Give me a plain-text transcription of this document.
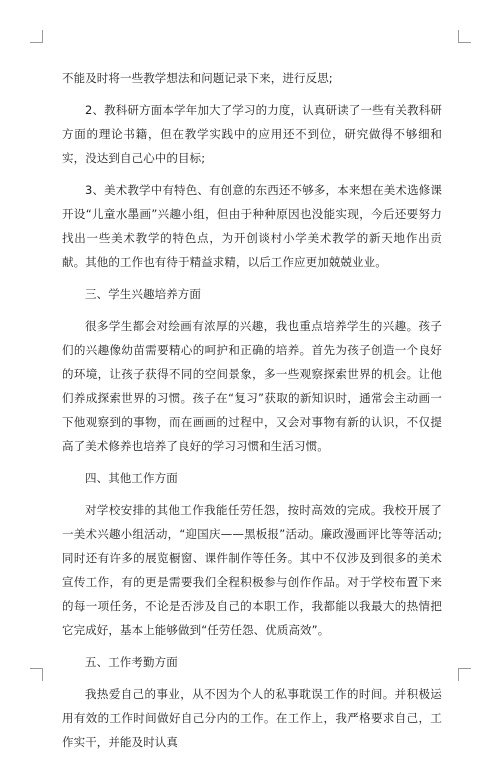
不能及时将一些教学想法和问题记录下来，进行反思;

2、教科研方面本学年加大了学习的力度，认真研读了一些有关教科研方面的理论书籍，但在教学实践中的应用还不到位，研究做得不够细和实，没达到自己心中的目标;

3、美术教学中有特色、有创意的东西还不够多，本来想在美术选修课开设“儿童水墨画”兴趣小组，但由于种种原因也没能实现，今后还要努力找出一些美术教学的特色点，为开创谈村小学美术教学的新天地作出贡献。其他的工作也有待于精益求精，以后工作应更加兢兢业业。

三、学生兴趣培养方面

很多学生都会对绘画有浓厚的兴趣，我也重点培养学生的兴趣。孩子们的兴趣像幼苗需要精心的呵护和正确的培养。首先为孩子创造一个良好的环境，让孩子获得不同的空间景象，多一些观察探索世界的机会。让他们养成探索世界的习惯。孩子在“复习”获取的新知识时，通常会主动画一下他观察到的事物，而在画画的过程中，又会对事物有新的认识，不仅提高了美术修养也培养了良好的学习习惯和生活习惯。

四、其他工作方面

对学校安排的其他工作我能任劳任怨，按时高效的完成。我校开展了一美术兴趣小组活动，“迎国庆——黑板报”活动。廉政漫画评比等等活动;同时还有许多的展览橱窗、课件制作等任务。其中不仅涉及到很多的美术宣传工作，有的更是需要我们全程积极参与创作作品。对于学校布置下来的每一项任务，不论是否涉及自己的本职工作，我都能以我最大的热情把它完成好，基本上能够做到“任劳任怨、优质高效”。

五、工作考勤方面

我热爱自己的事业，从不因为个人的私事耽误工作的时间。并积极运用有效的工作时间做好自己分内的工作。在工作上，我严格要求自己，工作实干，并能及时认真
